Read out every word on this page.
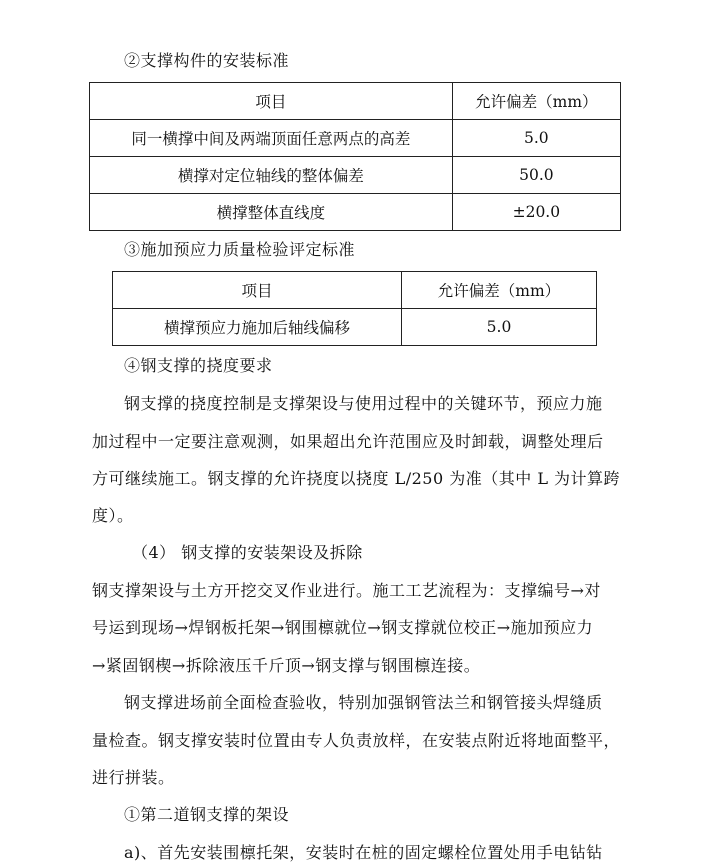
②支撑构件的安装标准
项目	允许偏差（mm）
同一横撑中间及两端顶面任意两点的高差	5.0
横撑对定位轴线的整体偏差	50.0
横撑整体直线度	±20.0
③施加预应力质量检验评定标准
项目	允许偏差（mm）
横撑预应力施加后轴线偏移	5.0
④钢支撑的挠度要求
钢支撑的挠度控制是支撑架设与使用过程中的关键环节，预应力施
加过程中一定要注意观测，如果超出允许范围应及时卸载，调整处理后
方可继续施工。钢支撑的允许挠度以挠度 L/250 为准（其中 L 为计算跨
度）。
（4） 钢支撑的安装架设及拆除
钢支撑架设与土方开挖交叉作业进行。施工工艺流程为：支撑编号→对
号运到现场→焊钢板托架→钢围檩就位→钢支撑就位校正→施加预应力
→紧固钢楔→拆除液压千斤顶→钢支撑与钢围檩连接。
钢支撑进场前全面检查验收，特别加强钢管法兰和钢管接头焊缝质
量检查。钢支撑安装时位置由专人负责放样，在安装点附近将地面整平，
进行拼装。
①第二道钢支撑的架设
a)、首先安装围檩托架，安装时在桩的固定螺栓位置处用手电钻钻
